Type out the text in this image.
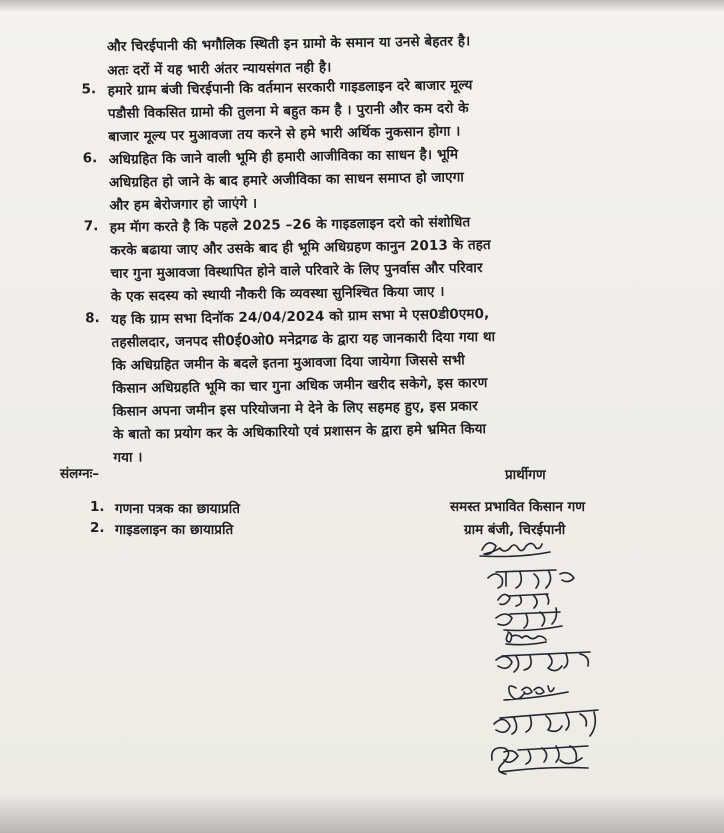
और चिरईपानी की भगौलिक स्थिती इन ग्रामो के समान या उनसे बेहतर है।
अतः दरों में यह भारी अंतर न्यायसंगत नही है।
5. हमारे ग्राम बंजी चिरईपानी कि वर्तमान सरकारी गाइडलाइन दरे बाजार मूल्य
पडौसी विकसित ग्रामो की तुलना मे बहुत कम है । पुरानी और कम दरो के
बाजार मूल्य पर मुआवजा तय करने से हमे भारी अर्थिक नुकसान होगा ।
6. अधिग्रहित कि जाने वाली भूमि ही हमारी आजीविका का साधन है। भूमि
अधिग्रहित हो जाने के बाद हमारे अजीविका का साधन समाप्त हो जाएगा
और हम बेरोजगार हो जाएंगे ।
7. हम मॅाग करते है कि पहले 2025 –26 के गाइडलाइन दरो को संशोधित
करके बढाया जाए और उसके बाद ही भूमि अधिग्रहण कानुन 2013 के तहत
चार गुना मुआवजा विस्थापित होने वाले परिवारे के लिए पुनर्वास और परिवार
के एक सदस्य को स्थायी नौकरी कि व्यवस्था सुनिश्चित किया जाए ।
8. यह कि ग्राम सभा दिनॉक 24/04/2024 को ग्राम सभा मे एस0डी0एम0,
तहसीलदार, जनपद सी0ई0ओ0 मनेद्रगढ के द्वारा यह जानकारी दिया गया था
कि अधिग्रहित जमीन के बदले इतना मुआवजा दिया जायेगा जिससे सभी
किसान अधिग्रहति भूमि का चार गुना अधिक जमीन खरीद सकेगे, इस कारण
किसान अपना जमीन इस परियोजना मे देने के लिए सहमह हुए, इस प्रकार
के बातो का प्रयोग कर के अधिकारियो एवं प्रशासन के द्वारा हमे भ्रमित किया
गया ।
संलग्नः–
1. गणना पत्रक का छायाप्रति
2. गाइडलाइन का छायाप्रति
प्रार्थीगण
समस्त प्रभावित किसान गण
ग्राम बंजी, चिरईपानी
